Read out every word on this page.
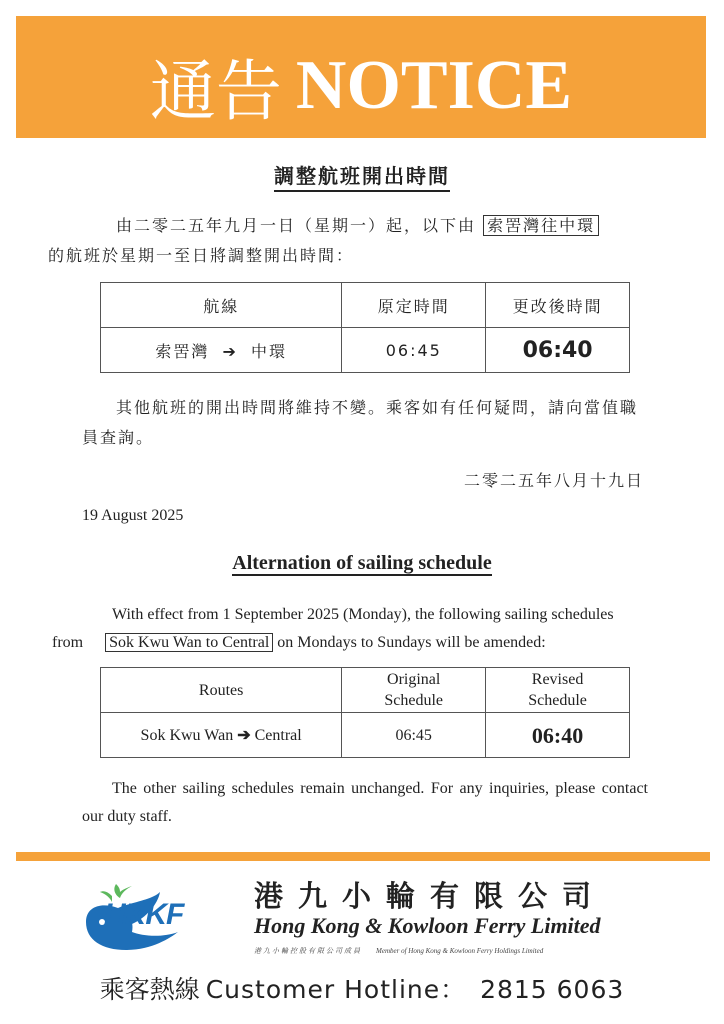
通告 NOTICE
調整航班開出時間
由二零二五年九月一日（星期一）起，以下由 索罟灣往中環
的航班於星期一至日將調整開出時間：
航線	原定時間	更改後時間
索罟灣 ➔ 中環	06:45	06:40
其他航班的開出時間將維持不變。乘客如有任何疑問，請向當值職員查詢。
二零二五年八月十九日
19 August 2025
Alternation of sailing schedule
With effect from 1 September 2025 (Monday), the following sailing schedules
from Sok Kwu Wan to Central on Mondays to Sundays will be amended:
Routes	Original Schedule	Revised Schedule
Sok Kwu Wan ➔ Central	06:45	06:40
The other sailing schedules remain unchanged. For any inquiries, please contact our duty staff.
HKKF
港九小輪有限公司
Hong Kong & Kowloon Ferry Limited
港九小輪控股有限公司成員 Member of Hong Kong & Kowloon Ferry Holdings Limited
乘客熱線 Customer Hotline： 2815 6063
